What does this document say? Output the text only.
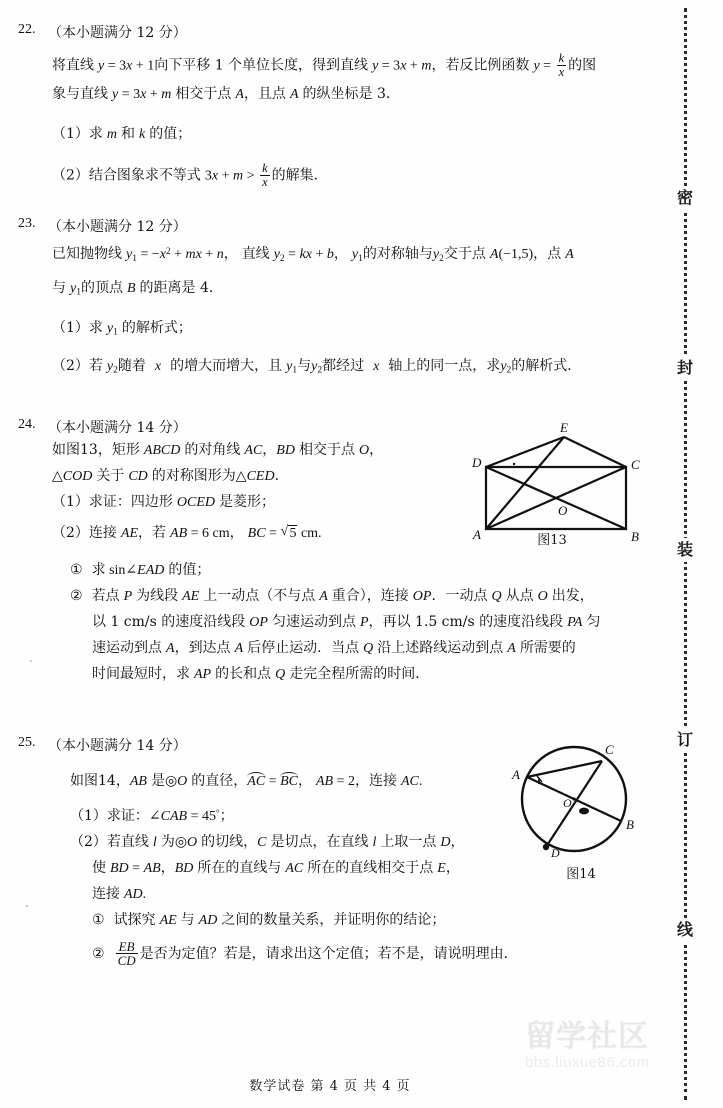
22. （本小题满分 12 分）
将直线 y = 3x + 1向下平移 1 个单位长度，得到直线 y = 3x + m，若反比例函数 $y = \frac{k}{x}$ 的图
象与直线 y = 3x + m 相交于点 A，且点 A 的纵坐标是 3．
（1）求 m 和 k 的值；
（2）结合图象求不等式 $3x + m > \frac{k}{x}$ 的解集．
23. （本小题满分 12 分）
已知抛物线 $y_1 = -x^2$ + mx + n， 直线 $y_2$ = kx + b， $y_1$的对称轴与$y_2$交于点 A(−1,5)，点 A
与 $y_1$的顶点 B 的距离是 4．
（1）求 $y_1$ 的解析式；
（2）若 $y_2$随着 x 的增大而增大，且 $y_1$与$y_2$都经过 x 轴上的同一点，求$y_2$的解析式．
24. （本小题满分 14 分）
如图13，矩形 ABCD 的对角线 AC，BD 相交于点 O，
△COD 关于 CD 的对称图形为△CED．
（1）求证：四边形 OCED 是菱形；
（2）连接 AE，若 AB = 6 cm， BC = √ 5 cm.
① 求 sin∠EAD 的值；
② 若点 P 为线段 AE 上一动点（不与点 A 重合），连接 OP．一动点 Q 从点 O 出发，
以 1 cm/s 的速度沿线段 OP 匀速运动到点 P，再以 1.5 cm/s 的速度沿线段 PA 匀
速运动到点 A，到达点 A 后停止运动．当点 Q 沿上述路线运动到点 A 所需要的
时间最短时，求 AP 的长和点 Q 走完全程所需的时间．
A	B
C
D
E
O
图13
25. （本小题满分 14 分）
如图14，AB 是◎O 的直径，AC = BC， AB = 2，连接 AC.
（1）求证：∠CAB = 45°；
（2）若直线 l 为◎O 的切线，C 是切点，在直线 l 上取一点 D，
使 BD = AB，BD 所在的直线与 AC 所在的直线相交于点 E，
连接 AD.
① 试探究 AE 与 AD 之间的数量关系，并证明你的结论；
② $\frac{EB}{CD}$ 是否为定值？若是，请求出这个定值；若不是，请说明理由．
A
B
C
D
O
图14
数学试卷 第 4 页 共 4 页
密
封
装
订
线
留学社区
bbs.liuxue86.com
